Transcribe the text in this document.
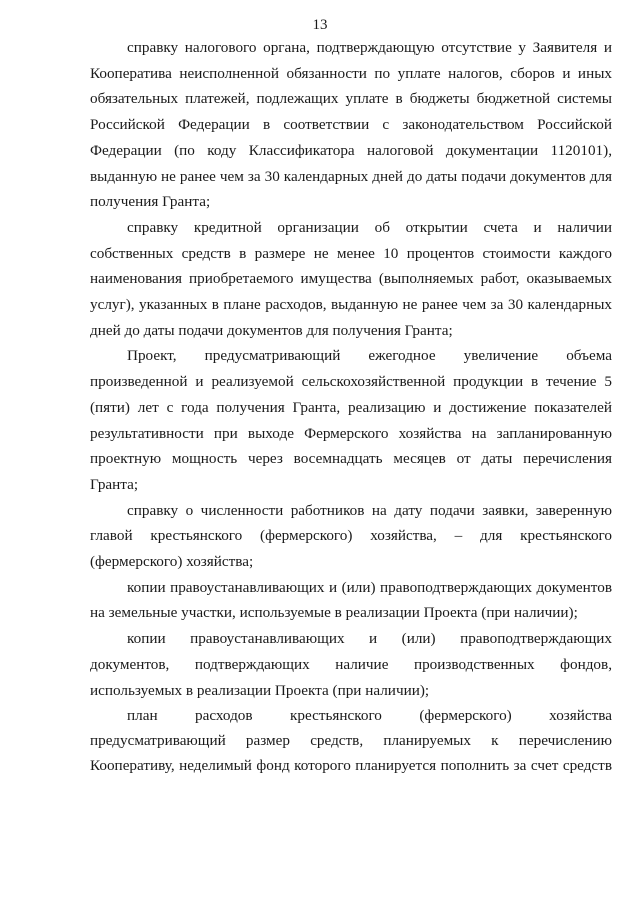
13

справку налогового органа, подтверждающую отсутствие у Заявителя и Кооператива неисполненной обязанности по уплате налогов, сборов и иных обязательных платежей, подлежащих уплате в бюджеты бюджетной системы Российской Федерации в соответствии с законодательством Российской Федерации (по коду Классификатора налоговой документации 1120101), выданную не ранее чем за 30 календарных дней до даты подачи документов для получения Гранта;

справку кредитной организации об открытии счета и наличии собственных средств в размере не менее 10 процентов стоимости каждого наименования приобретаемого имущества (выполняемых работ, оказываемых услуг), указанных в плане расходов, выданную не ранее чем за 30 календарных дней до даты подачи документов для получения Гранта;

Проект, предусматривающий ежегодное увеличение объема произведенной и реализуемой сельскохозяйственной продукции в течение 5 (пяти) лет с года получения Гранта, реализацию и достижение показателей результативности при выходе Фермерского хозяйства на запланированную проектную мощность через восемнадцать месяцев от даты перечисления Гранта;

справку о численности работников на дату подачи заявки, заверенную главой крестьянского (фермерского) хозяйства, – для крестьянского (фермерского) хозяйства;

копии правоустанавливающих и (или) правоподтверждающих документов на земельные участки, используемые в реализации Проекта (при наличии);

копии правоустанавливающих и (или) правоподтверждающих документов, подтверждающих наличие производственных фондов, используемых в реализации Проекта (при наличии);

план расходов крестьянского (фермерского) хозяйства предусматривающий размер средств, планируемых к перечислению Кооперативу, неделимый фонд которого планируется пополнить за счет средств
